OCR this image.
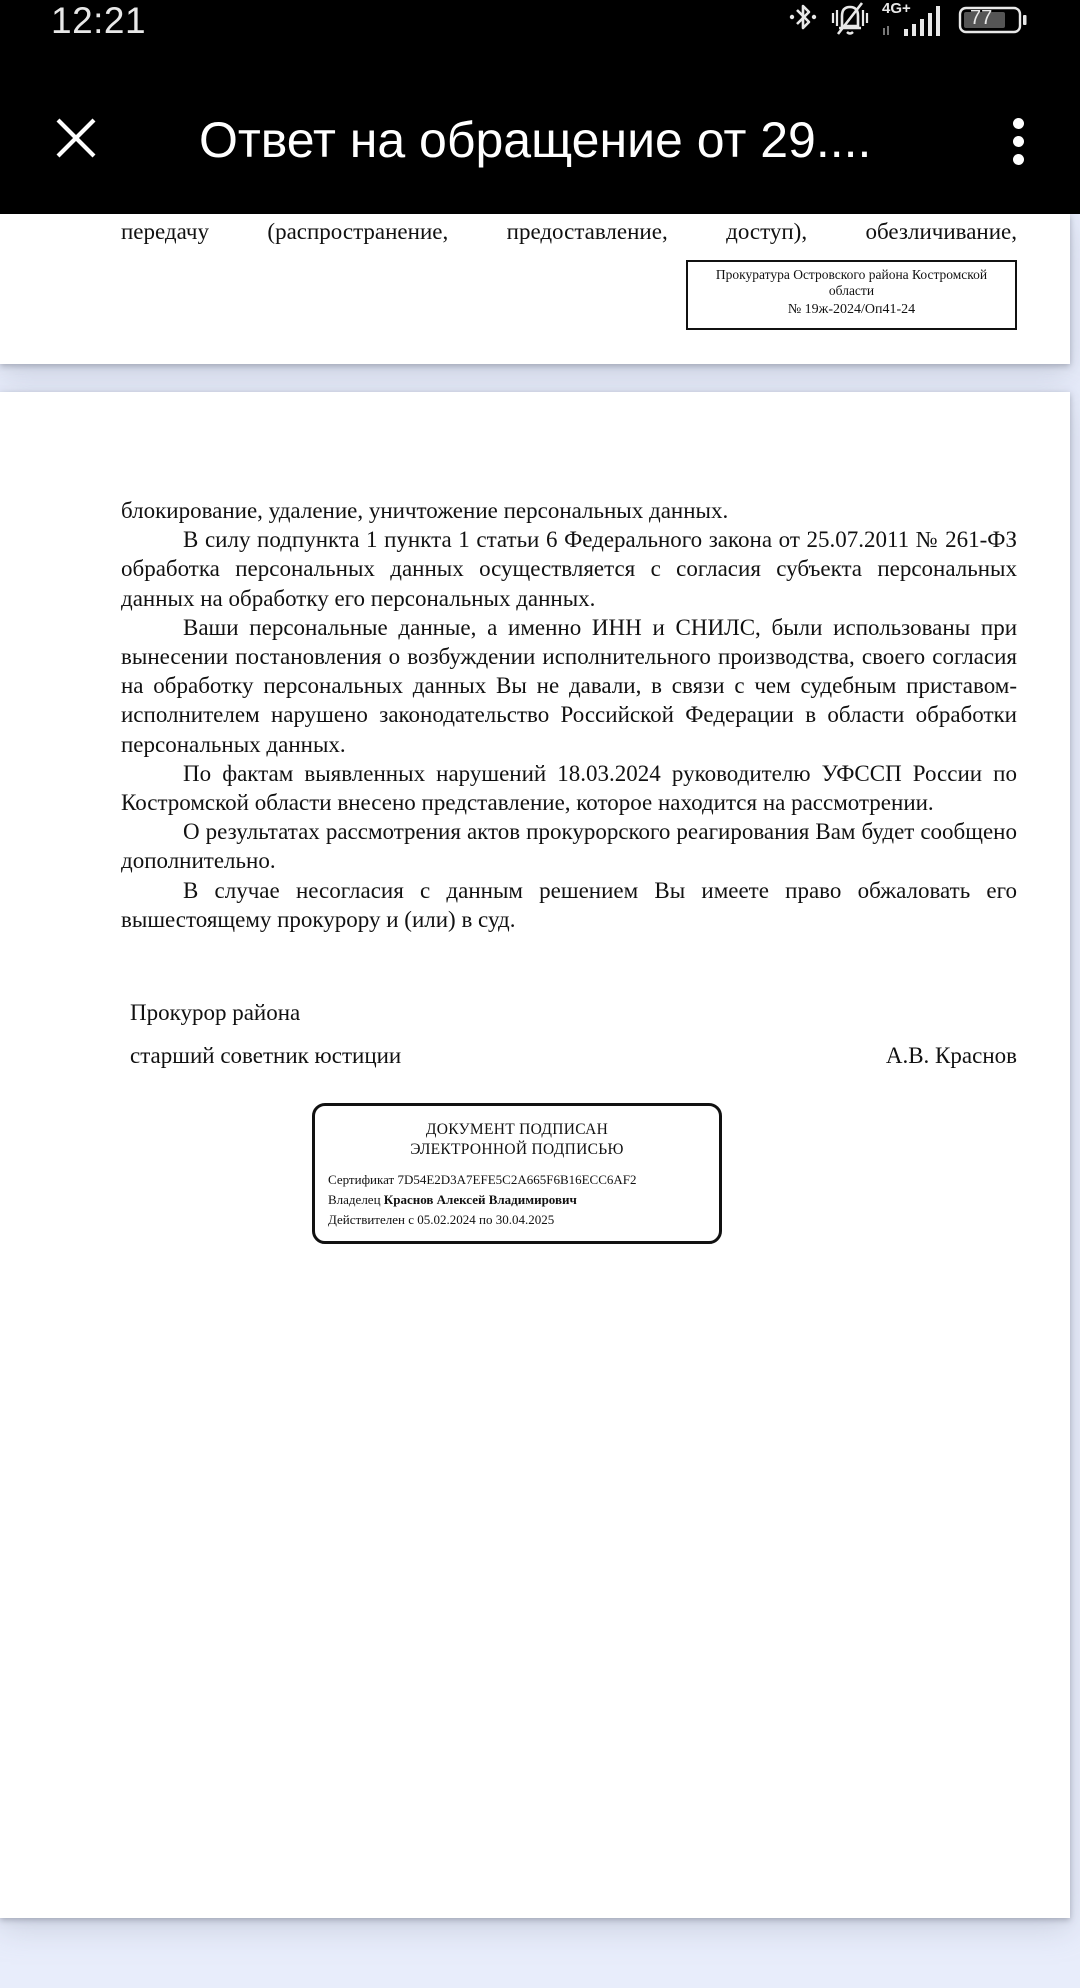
передачу	(распространение,	предоставление,	доступ),	обезличивание,
Прокуратура Островского района Костромской области
№ 19ж-2024/Оп41-24

блокирование, удаление, уничтожение персональных данных.

В силу подпункта 1 пункта 1 статьи 6 Федерального закона от 25.07.2011 № 261-ФЗ обработка персональных данных осуществляется с согласия субъекта персональных данных на обработку его персональных данных.

Ваши персональные данные, а именно ИНН и СНИЛС, были использованы при вынесении постановления о возбуждении исполнительного производства, своего согласия на обработку персональных данных Вы не давали, в связи с чем судебным приставом-исполнителем нарушено законодательство Российской Федерации в области обработки персональных данных.

По фактам выявленных нарушений 18.03.2024 руководителю УФССП России по Костромской области внесено представление, которое находится на рассмотрении.

О результатах рассмотрения актов прокурорского реагирования Вам будет сообщено дополнительно.

В случае несогласия с данным решением Вы имеете право обжаловать его вышестоящему прокурору и (или) в суд.

Прокурор района
старший советник юстиции	А.В. Краснов
ДОКУМЕНТ ПОДПИСАН
ЭЛЕКТРОННОЙ ПОДПИСЬЮ
Сертификат 7D54E2D3A7EFE5C2A665F6B16ECC6AF2
Владелец Краснов Алексей Владимирович
Действителен с 05.02.2024 по 30.04.2025
12:21	4G+	77
Ответ на обращение от 29....
